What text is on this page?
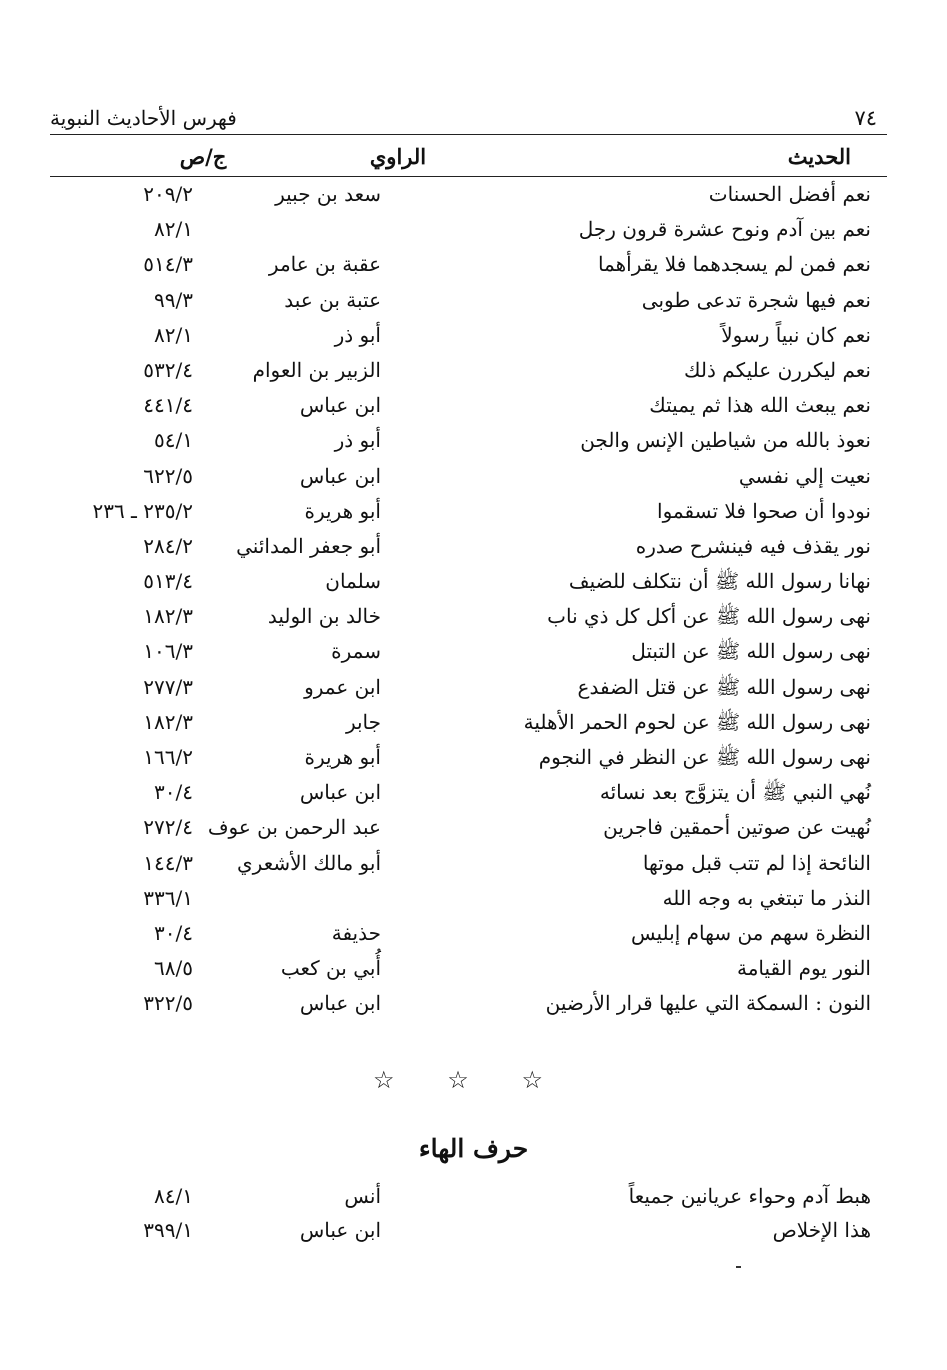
٧٤
فهرس الأحاديث النبوية
الحديث
الراوي
ج/ص
نعم أفضل الحسنات
سعد بن جبير
٢٠٩/٢
نعم بين آدم ونوح عشرة قرون رجل
٨٢/١
نعم فمن لم يسجدهما فلا يقرأهما
عقبة بن عامر
٥١٤/٣
نعم فيها شجرة تدعى طوبى
عتبة بن عبد
٩٩/٣
نعم كان نبياً رسولاً
أبو ذر
٨٢/١
نعم ليكررن عليكم ذلك
الزبير بن العوام
٥٣٢/٤
نعم يبعث الله هذا ثم يميتك
ابن عباس
٤٤١/٤
نعوذ بالله من شياطين الإنس والجن
أبو ذر
٥٤/١
نعيت إلي نفسي
ابن عباس
٦٢٢/٥
نودوا أن صحوا فلا تسقموا
أبو هريرة
٢٣٥/٢ ـ ٢٣٦
نور يقذف فيه فينشرح صدره
أبو جعفر المدائني
٢٨٤/٢
نهانا رسول الله ﷺ أن نتكلف للضيف
سلمان
٥١٣/٤
نهى رسول الله ﷺ عن أكل كل ذي ناب
خالد بن الوليد
١٨٢/٣
نهى رسول الله ﷺ عن التبتل
سمرة
١٠٦/٣
نهى رسول الله ﷺ عن قتل الضفدع
ابن عمرو
٢٧٧/٣
نهى رسول الله ﷺ عن لحوم الحمر الأهلية
جابر
١٨٢/٣
نهى رسول الله ﷺ عن النظر في النجوم
أبو هريرة
١٦٦/٢
نُهي النبي ﷺ أن يتزوَّج بعد نسائه
ابن عباس
٣٠/٤
نُهيت عن صوتين أحمقين فاجرين
عبد الرحمن بن عوف
٢٧٢/٤
النائحة إذا لم تتب قبل موتها
أبو مالك الأشعري
١٤٤/٣
النذر ما تبتغي به وجه الله
٣٣٦/١
النظرة سهم من سهام إبليس
حذيفة
٣٠/٤
النور يوم القيامة
أُبي بن كعب
٦٨/٥
النون : السمكة التي عليها قرار الأرضين
ابن عباس
٣٢٢/٥
☆ ☆ ☆
حرف الهاء
هبط آدم وحواء عريانين جميعاً
أنس
٨٤/١
هذا الإخلاص
ابن عباس
٣٩٩/١
